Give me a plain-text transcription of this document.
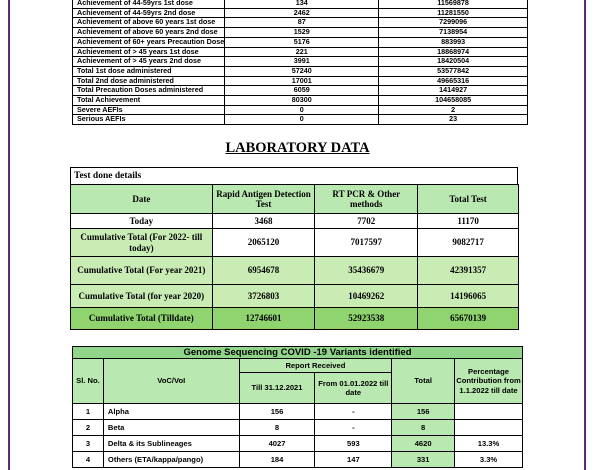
Achievement of 44-59yrs 1st dose	134	11569878
Achievement of 44-59yrs 2nd dose	2462	11281550
Achievement of above 60 years 1st dose	87	7299096
Achievement of above 60 years 2nd dose	1529	7138954
Achievement of 60+ years Precaution Dose	5176	883993
Achievement of > 45 years 1st dose	221	18868974
Achievement of > 45 years 2nd dose	3991	18420504
Total 1st dose administered	57240	53577842
Total 2nd dose administered	17001	49665316
Total Precaution Doses administered	6059	1414927
Total Achievement	80300	104658085
Severe AEFIs	0	2
Serious AEFIs	0	23
LABORATORY DATA
Test done details
Date	Rapid Antigen Detection Test	RT PCR & Other methods	Total Test
Today	3468	7702	11170
Cumulative Total (For 2022- till today)	2065120	7017597	9082717
Cumulative Total (For year 2021)	6954678	35436679	42391357
Cumulative Total (for year 2020)	3726803	10469262	14196065
Cumulative Total (Tilldate)	12746601	52923538	65670139
Genome Sequencing COVID -19 Variants identified					
Sl. No.	VoC/VoI	Report Received		Total	Percentage Contribution from 1.1.2022 till date
		Till 31.12.2021	From 01.01.2022 till date		
1	Alpha	156	-	156	
2	Beta	8	-	8	
3	Delta & its Sublineages	4027	593	4620	13.3%
4	Others (ETA/kappa/pango)	184	147	331	3.3%
